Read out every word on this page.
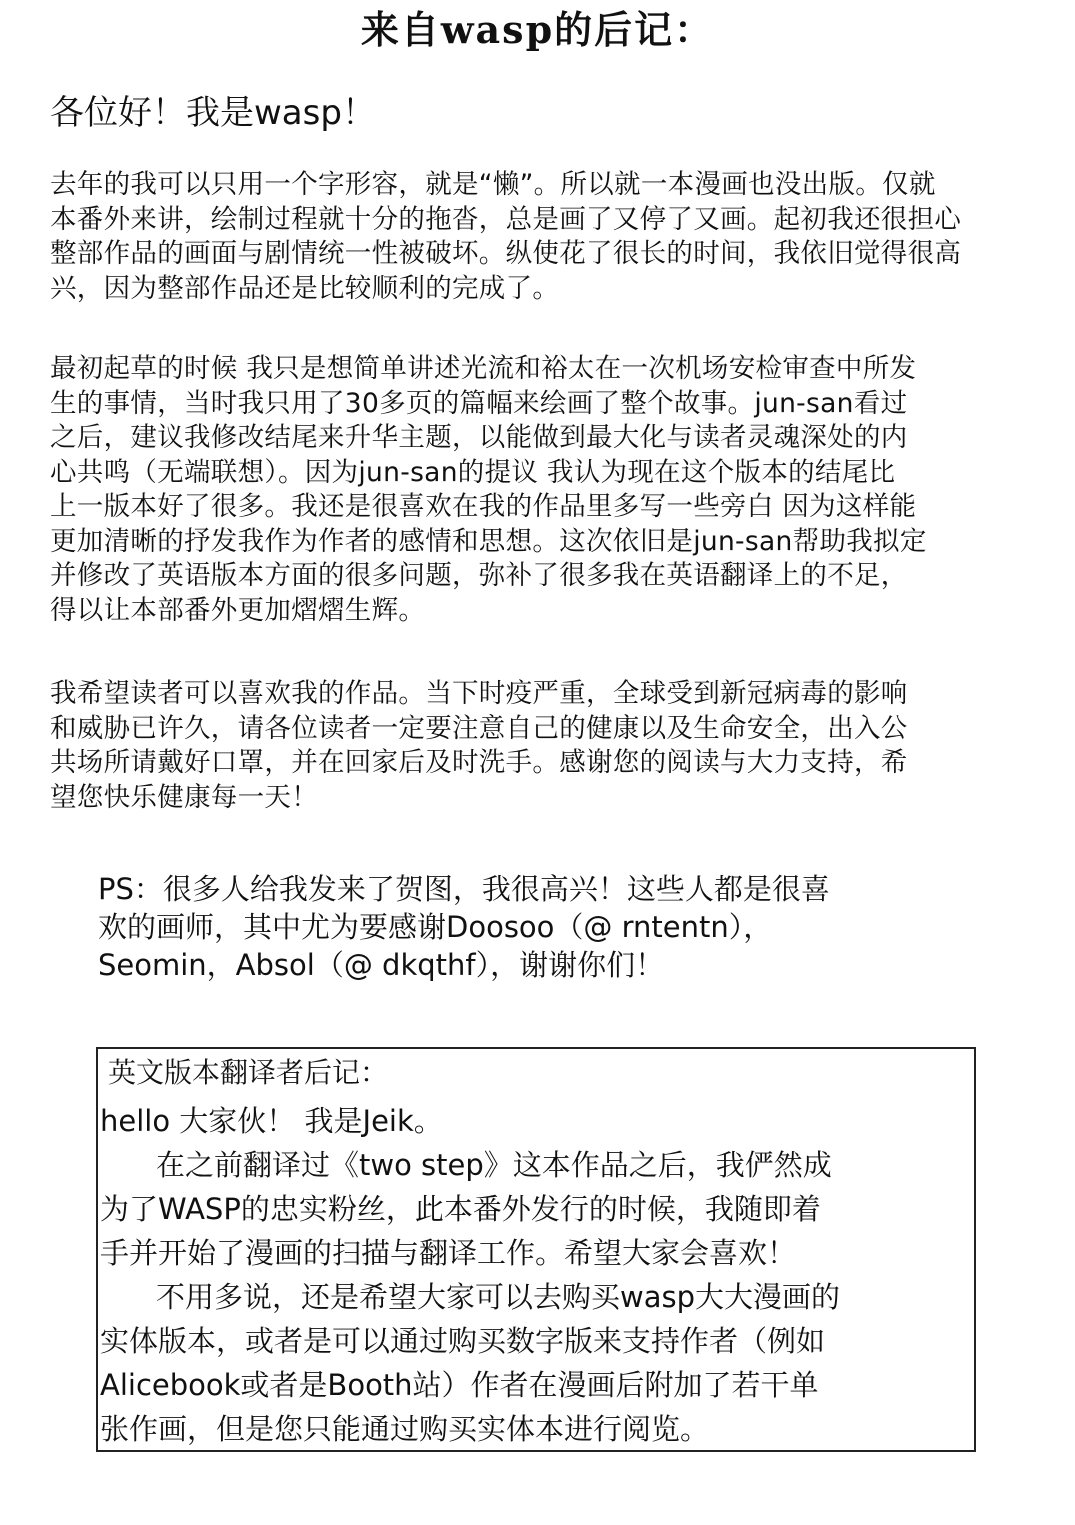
来自wasp的后记：
各位好！我是wasp！
去年的我可以只用一个字形容，就是“懒”。所以就一本漫画也没出版。仅就
本番外来讲，绘制过程就十分的拖沓，总是画了又停了又画。起初我还很担心
整部作品的画面与剧情统一性被破坏。纵使花了很长的时间，我依旧觉得很高
兴，因为整部作品还是比较顺利的完成了。
最初起草的时候 我只是想简单讲述光流和裕太在一次机场安检审查中所发
生的事情，当时我只用了30多页的篇幅来绘画了整个故事。jun-san看过
之后，建议我修改结尾来升华主题，以能做到最大化与读者灵魂深处的内
心共鸣（无端联想）。因为jun-san的提议 我认为现在这个版本的结尾比
上一版本好了很多。我还是很喜欢在我的作品里多写一些旁白 因为这样能
更加清晰的抒发我作为作者的感情和思想。这次依旧是jun-san帮助我拟定
并修改了英语版本方面的很多问题，弥补了很多我在英语翻译上的不足，
得以让本部番外更加熠熠生辉。
我希望读者可以喜欢我的作品。当下时疫严重，全球受到新冠病毒的影响
和威胁已许久，请各位读者一定要注意自己的健康以及生命安全，出入公
共场所请戴好口罩，并在回家后及时洗手。感谢您的阅读与大力支持，希
望您快乐健康每一天！
PS：很多人给我发来了贺图，我很高兴！这些人都是很喜
欢的画师，其中尤为要感谢Doosoo（@ rntentn），
Seomin，Absol（@ dkqthf），谢谢你们！
英文版本翻译者后记：
hello 大家伙！ 我是Jeik。
在之前翻译过《two step》这本作品之后，我俨然成
为了WASP的忠实粉丝，此本番外发行的时候，我随即着
手并开始了漫画的扫描与翻译工作。希望大家会喜欢！
不用多说，还是希望大家可以去购买wasp大大漫画的
实体版本，或者是可以通过购买数字版来支持作者（例如
Alicebook或者是Booth站）作者在漫画后附加了若干单
张作画，但是您只能通过购买实体本进行阅览。
